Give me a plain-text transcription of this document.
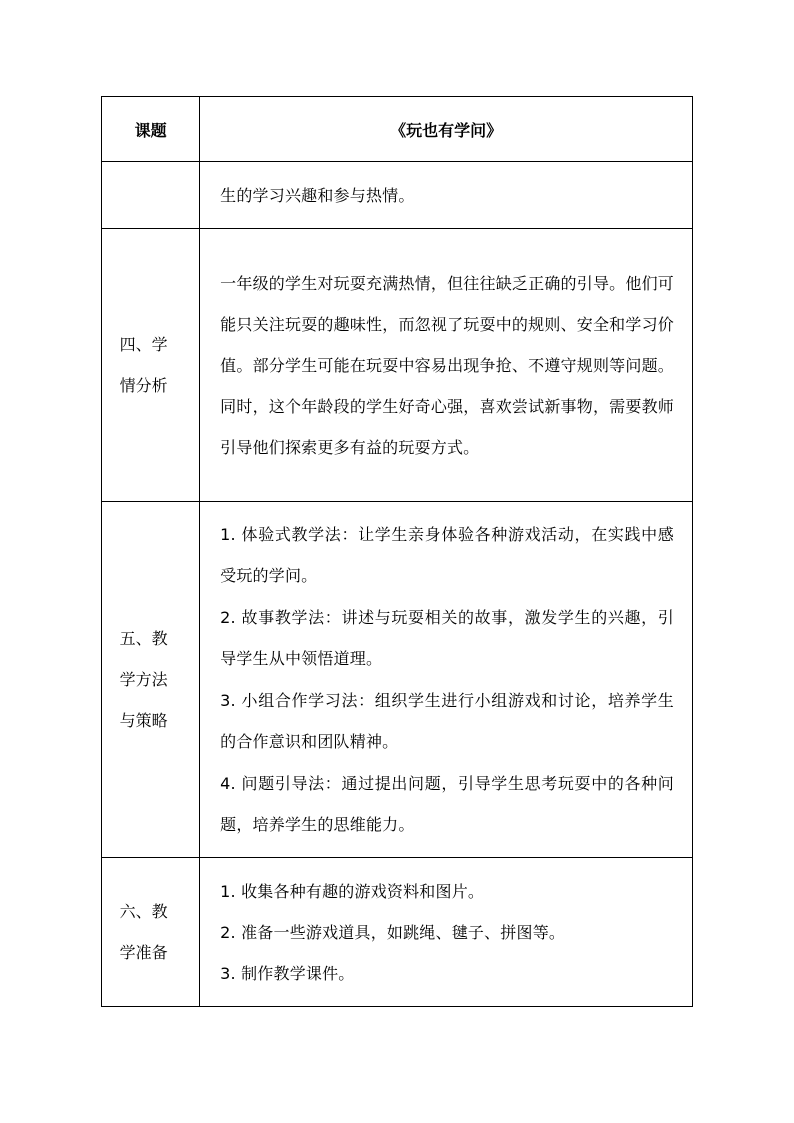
课题	《玩也有学问》
	生的学习兴趣和参与热情。

四、学
情分析	一年级的学生对玩耍充满热情，但往往缺乏正确的引导。他们可能只关注玩耍的趣味性，而忽视了玩耍中的规则、安全和学习价值。部分学生可能在玩耍中容易出现争抢、不遵守规则等问题。同时，这个年龄段的学生好奇心强，喜欢尝试新事物，需要教师引导他们探索更多有益的玩耍方式。

五、教
学方法
与策略	1. 体验式教学法：让学生亲身体验各种游戏活动，在实践中感受玩的学问。
2. 故事教学法：讲述与玩耍相关的故事，激发学生的兴趣，引导学生从中领悟道理。
3. 小组合作学习法：组织学生进行小组游戏和讨论，培养学生的合作意识和团队精神。
4. 问题引导法：通过提出问题，引导学生思考玩耍中的各种问题，培养学生的思维能力。

六、教
学准备	1. 收集各种有趣的游戏资料和图片。
2. 准备一些游戏道具，如跳绳、毽子、拼图等。
3. 制作教学课件。
